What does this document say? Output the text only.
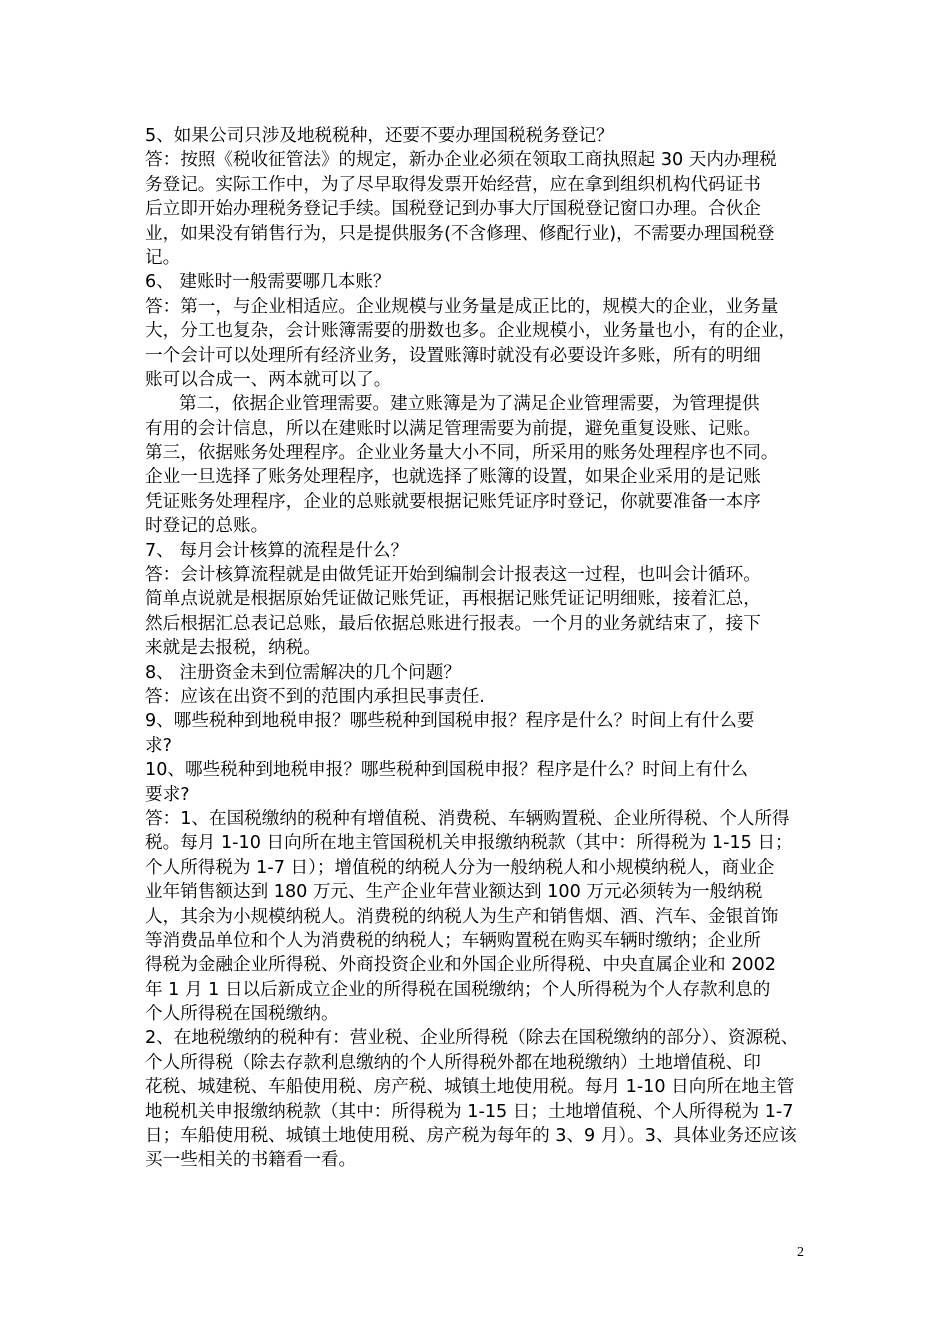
5、如果公司只涉及地税税种，还要不要办理国税税务登记？
答：按照《税收征管法》的规定，新办企业必须在领取工商执照起 30 天内办理税
务登记。实际工作中，为了尽早取得发票开始经营，应在拿到组织机构代码证书
后立即开始办理税务登记手续。国税登记到办事大厅国税登记窗口办理。合伙企
业，如果没有销售行为，只是提供服务(不含修理、修配行业)，不需要办理国税登
记。
6、 建账时一般需要哪几本账？
答：第一，与企业相适应。企业规模与业务量是成正比的，规模大的企业，业务量
大，分工也复杂，会计账簿需要的册数也多。企业规模小，业务量也小，有的企业，
一个会计可以处理所有经济业务，设置账簿时就没有必要设许多账，所有的明细
账可以合成一、两本就可以了。
第二，依据企业管理需要。建立账簿是为了满足企业管理需要，为管理提供
有用的会计信息，所以在建账时以满足管理需要为前提，避免重复设账、记账。
第三，依据账务处理程序。企业业务量大小不同，所采用的账务处理程序也不同。
企业一旦选择了账务处理程序，也就选择了账簿的设置，如果企业采用的是记账
凭证账务处理程序，企业的总账就要根据记账凭证序时登记，你就要准备一本序
时登记的总账。
7、 每月会计核算的流程是什么？
答：会计核算流程就是由做凭证开始到编制会计报表这一过程，也叫会计循环。
简单点说就是根据原始凭证做记账凭证，再根据记账凭证记明细账，接着汇总，
然后根据汇总表记总账，最后依据总账进行报表。一个月的业务就结束了，接下
来就是去报税，纳税。
8、 注册资金未到位需解决的几个问题？
答：应该在出资不到的范围内承担民事责任.
9、哪些税种到地税申报？哪些税种到国税申报？程序是什么？时间上有什么要
求?
10、哪些税种到地税申报？哪些税种到国税申报？程序是什么？时间上有什么
要求?
答：1、在国税缴纳的税种有增值税、消费税、车辆购置税、企业所得税、个人所得
税。每月 1-10 日向所在地主管国税机关申报缴纳税款（其中：所得税为 1-15 日；
个人所得税为 1-7 日）；增值税的纳税人分为一般纳税人和小规模纳税人，商业企
业年销售额达到 180 万元、生产企业年营业额达到 100 万元必须转为一般纳税
人，其余为小规模纳税人。消费税的纳税人为生产和销售烟、酒、汽车、金银首饰
等消费品单位和个人为消费税的纳税人；车辆购置税在购买车辆时缴纳；企业所
得税为金融企业所得税、外商投资企业和外国企业所得税、中央直属企业和 2002
年 1 月 1 日以后新成立企业的所得税在国税缴纳；个人所得税为个人存款利息的
个人所得税在国税缴纳。
2、在地税缴纳的税种有：营业税、企业所得税（除去在国税缴纳的部分）、资源税、
个人所得税（除去存款利息缴纳的个人所得税外都在地税缴纳）土地增值税、印
花税、城建税、车船使用税、房产税、城镇土地使用税。每月 1-10 日向所在地主管
地税机关申报缴纳税款（其中：所得税为 1-15 日；土地增值税、个人所得税为 1-7
日；车船使用税、城镇土地使用税、房产税为每年的 3、9 月）。3、具体业务还应该
买一些相关的书籍看一看。
2
